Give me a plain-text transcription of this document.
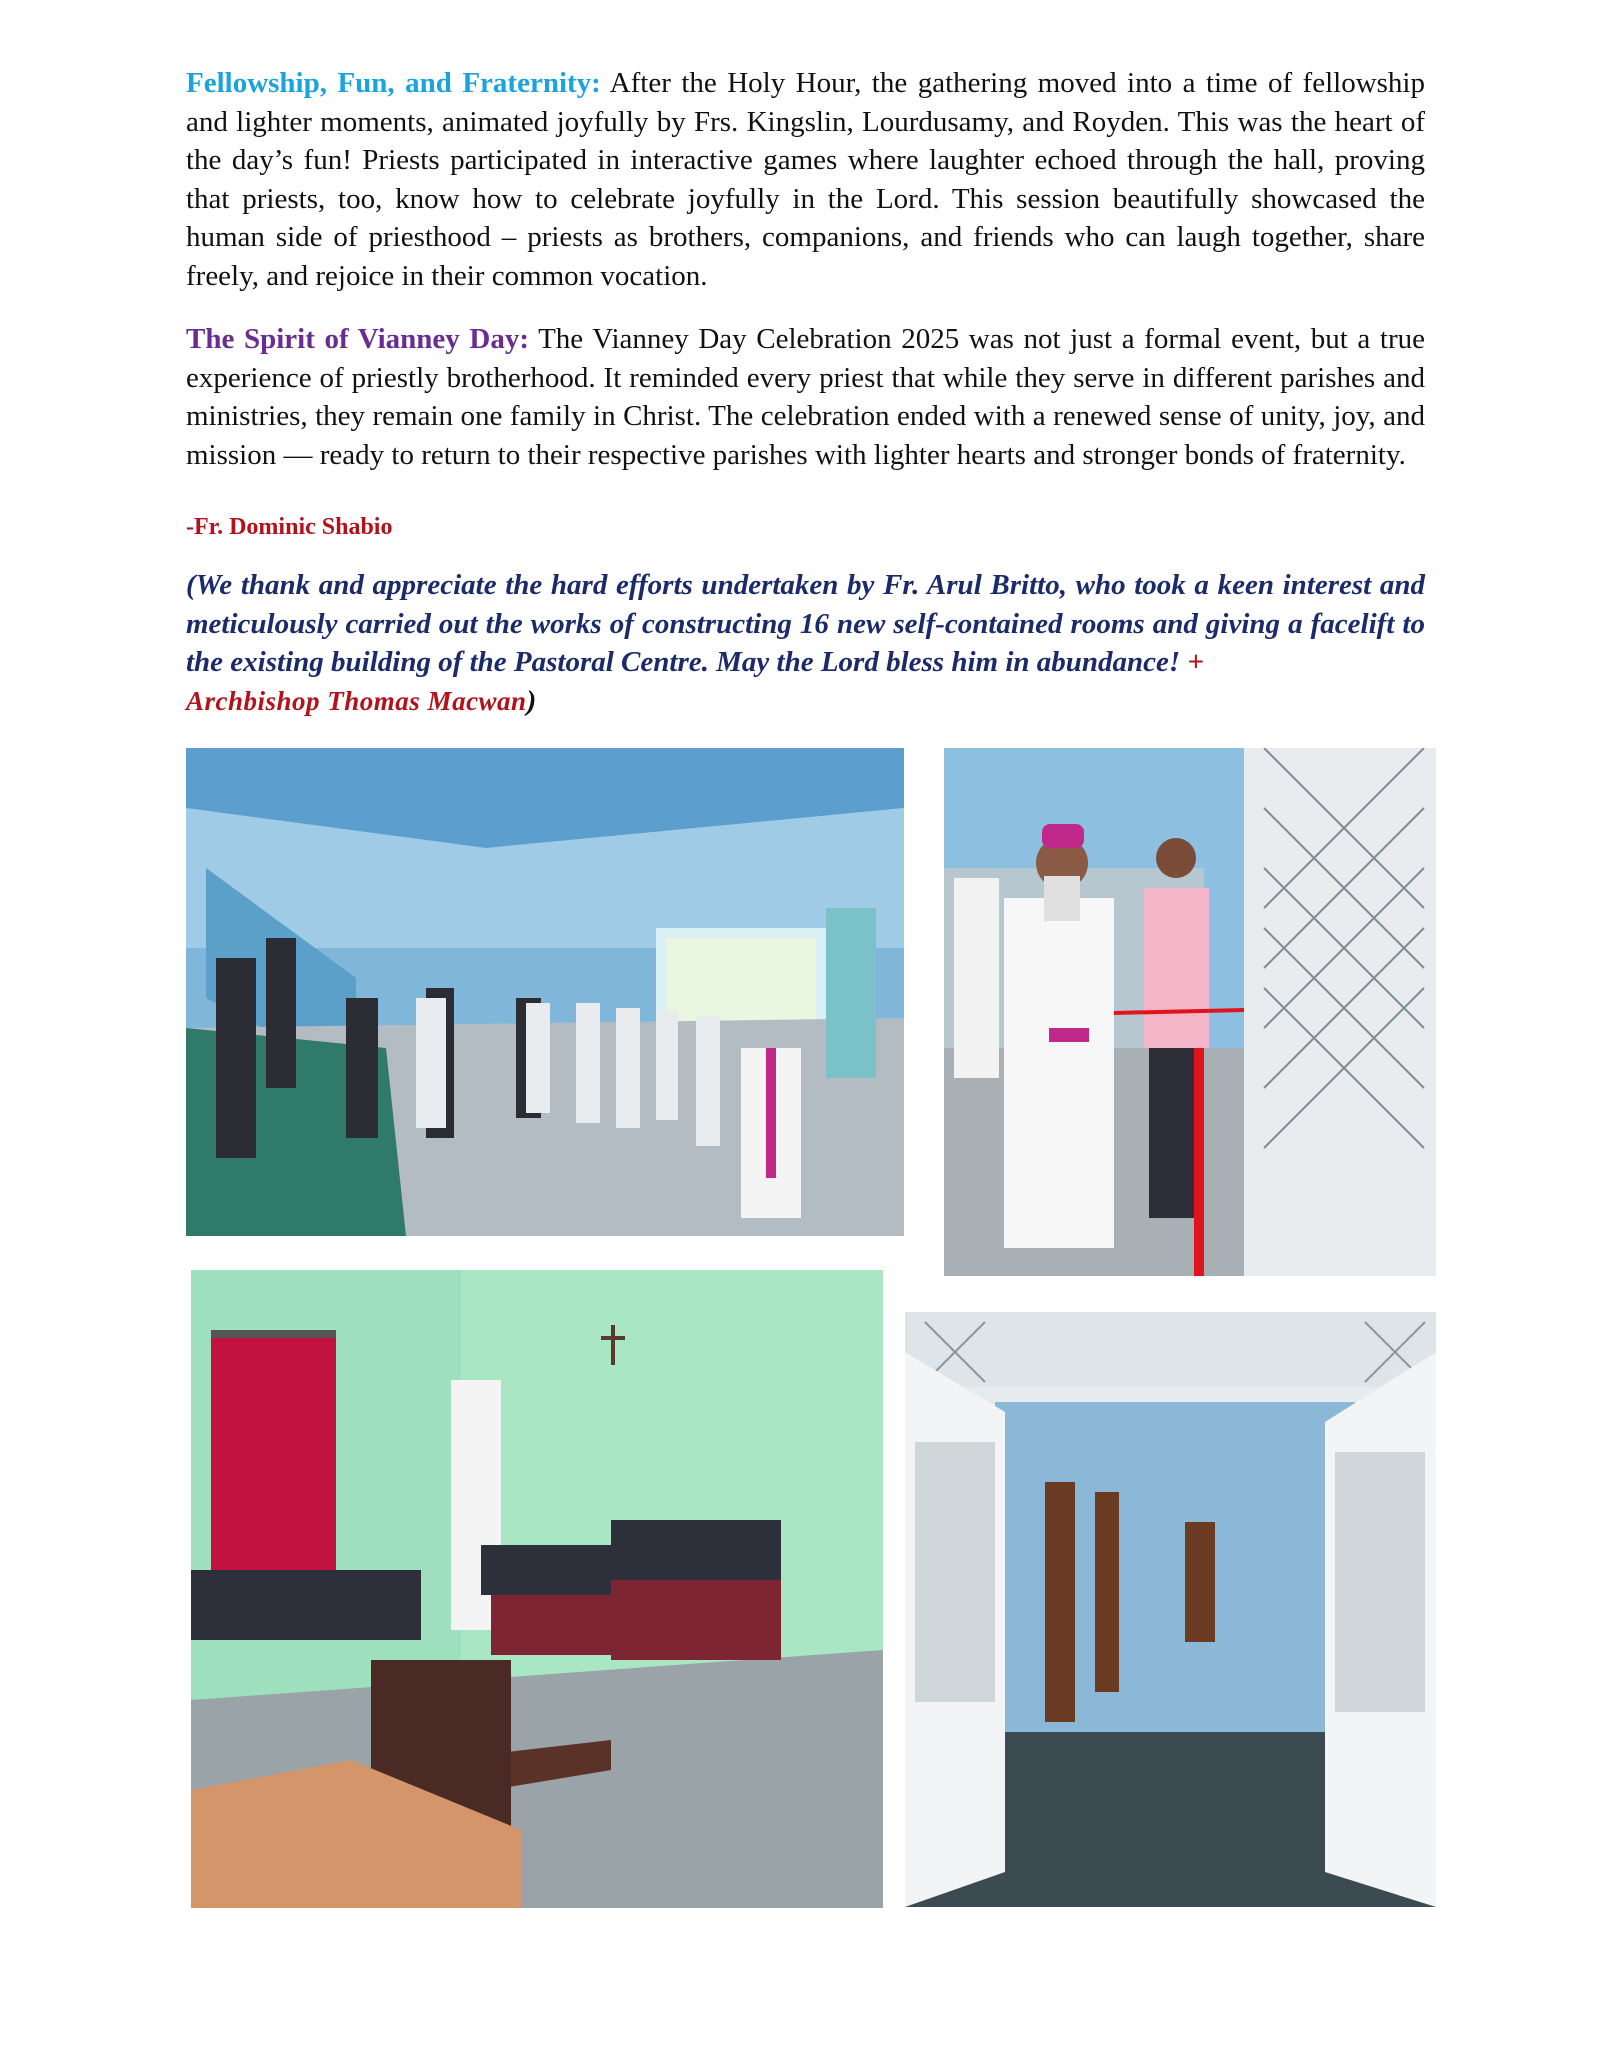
Fellowship, Fun, and Fraternity: After the Holy Hour, the gathering moved into a time of fellowship and lighter moments, animated joyfully by Frs. Kingslin, Lourdusamy, and Royden. This was the heart of the day’s fun! Priests participated in interactive games where laughter echoed through the hall, proving that priests, too, know how to celebrate joyfully in the Lord. This session beautifully showcased the human side of priesthood – priests as brothers, companions, and friends who can laugh together, share freely, and rejoice in their common vocation.

The Spirit of Vianney Day: The Vianney Day Celebration 2025 was not just a formal event, but a true experience of priestly brotherhood. It reminded every priest that while they serve in different parishes and ministries, they remain one family in Christ. The celebration ended with a renewed sense of unity, joy, and mission — ready to return to their respective parishes with lighter hearts and stronger bonds of fraternity.

-Fr. Dominic Shabio

(We thank and appreciate the hard efforts undertaken by Fr. Arul Britto, who took a keen interest and meticulously carried out the works of constructing 16 new self-contained rooms and giving a facelift to the existing building of the Pastoral Centre. May the Lord bless him in abundance! +
Archbishop Thomas Macwan)
